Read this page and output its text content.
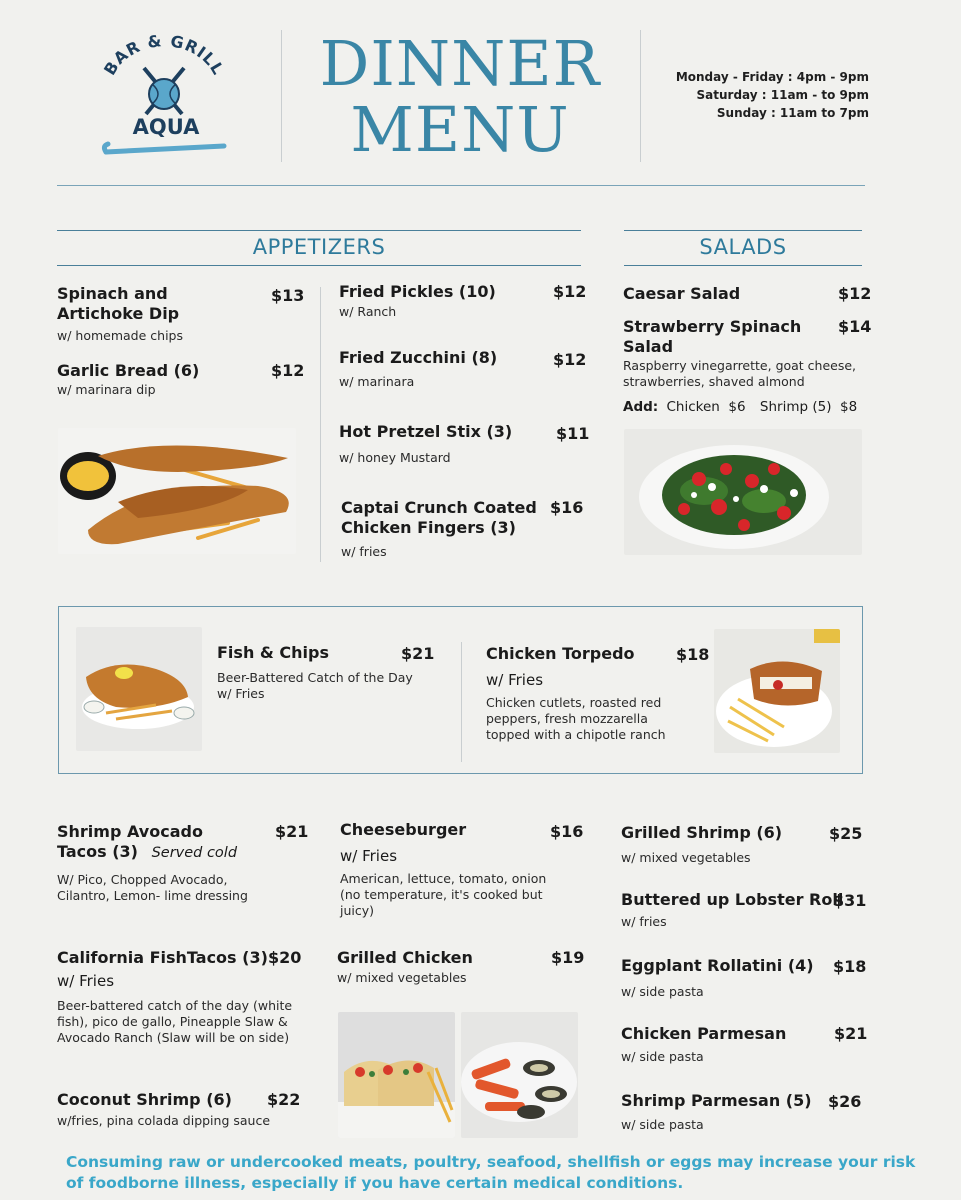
BAR & GRILL
AQUA
DINNER
MENU
Monday - Friday : 4pm - 9pm
Saturday : 11am - to 9pm
Sunday : 11am to 7pm
APPETIZERS
Spinach and Artichoke Dip
$13
w/ homemade chips
Garlic Bread (6)	$12
w/ marinara dip
Fried Pickles (10)	$12
w/ Ranch
Fried Zucchini (8)	$12
w/ marinara
Hot Pretzel Stix (3)	$11
w/ honey Mustard
Captai Crunch Coated Chicken Fingers (3)
$16
w/ fries
SALADS
Caesar Salad	$12
Strawberry Spinach Salad
$14
Raspberry vinegarrette, goat cheese, strawberries, shaved almond
Add: Chicken  $6 Shrimp (5)  $8
Fish & Chips	$21
Beer-Battered Catch of the Day w/ Fries
Chicken Torpedo	$18
w/ Fries
Chicken cutlets, roasted red peppers, fresh mozzarella topped with a chipotle ranch
Shrimp Avocado Tacos (3) Served cold
$21
W/ Pico, Chopped Avocado, Cilantro, Lemon- lime dressing
California FishTacos (3) $20
w/ Fries
Beer-battered catch of the day (white fish), pico de gallo, Pineapple Slaw & Avocado Ranch (Slaw will be on side)
Coconut Shrimp (6) $22
w/fries, pina colada dipping sauce
Cheeseburger	$16
w/ Fries
American, lettuce, tomato, onion (no temperature, it's cooked but juicy)
Grilled Chicken	$19
w/ mixed vegetables
Grilled Shrimp (6)	$25
w/ mixed vegetables
Buttered up Lobster Roll
$31
w/ fries
Eggplant Rollatini (4) $18
w/ side pasta
Chicken Parmesan	$21
w/ side pasta
Shrimp Parmesan (5) $26
w/ side pasta
Consuming raw or undercooked meats, poultry, seafood, shellfish or eggs may increase your risk of foodborne illness, especially if you have certain medical conditions.
